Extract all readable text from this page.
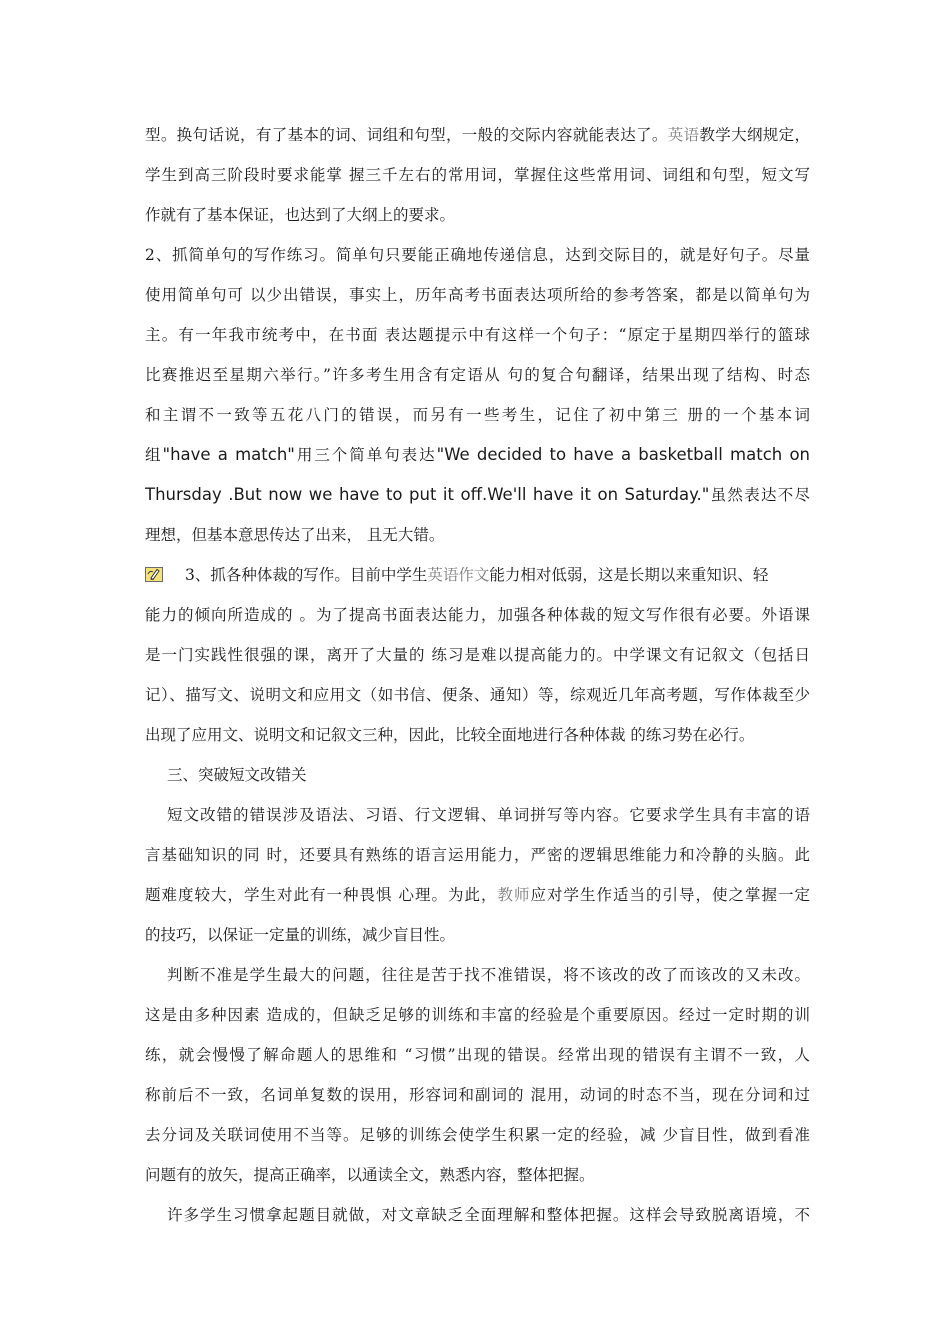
型。换句话说，有了基本的词、词组和句型，一般的交际内容就能表达了。英语教学大纲规定，
学生到高三阶段时要求能掌 握三千左右的常用词，掌握住这些常用词、词组和句型，短文写
作就有了基本保证，也达到了大纲上的要求。
2、抓简单句的写作练习。简单句只要能正确地传递信息，达到交际目的，就是好句子。尽量
使用简单句可 以少出错误，事实上，历年高考书面表达项所给的参考答案，都是以简单句为
主。有一年我市统考中，在书面 表达题提示中有这样一个句子：“原定于星期四举行的篮球
比赛推迟至星期六举行。”许多考生用含有定语从 句的复合句翻译，结果出现了结构、时态
和主谓不一致等五花八门的错误，而另有一些考生，记住了初中第三 册的一个基本词
组"have a match"用三个简单句表达"We decided to have a basketball match on
Thursday .But now we have to put it off.We'll have it on Saturday."虽然表达不尽
理想，但基本意思传达了出来， 且无大错。
3、抓各种体裁的写作。目前中学生英语作文能力相对低弱，这是长期以来重知识、轻
能力的倾向所造成的 。为了提高书面表达能力，加强各种体裁的短文写作很有必要。外语课
是一门实践性很强的课，离开了大量的 练习是难以提高能力的。中学课文有记叙文（包括日
记）、描写文、说明文和应用文（如书信、便条、通知）等，综观近几年高考题，写作体裁至少
出现了应用文、说明文和记叙文三种，因此，比较全面地进行各种体裁 的练习势在必行。
三、突破短文改错关
短文改错的错误涉及语法、习语、行文逻辑、单词拼写等内容。它要求学生具有丰富的语
言基础知识的同 时，还要具有熟练的语言运用能力，严密的逻辑思维能力和冷静的头脑。此
题难度较大，学生对此有一种畏惧 心理。为此，教师应对学生作适当的引导，使之掌握一定
的技巧，以保证一定量的训练，减少盲目性。
判断不准是学生最大的问题，往往是苦于找不准错误，将不该改的改了而该改的又未改。
这是由多种因素 造成的，但缺乏足够的训练和丰富的经验是个重要原因。经过一定时期的训
练，就会慢慢了解命题人的思维和 “习惯”出现的错误。经常出现的错误有主谓不一致，人
称前后不一致，名词单复数的误用，形容词和副词的 混用，动词的时态不当，现在分词和过
去分词及关联词使用不当等。足够的训练会使学生积累一定的经验，减 少盲目性，做到看准
问题有的放矢，提高正确率，以通读全文，熟悉内容，整体把握。
许多学生习惯拿起题目就做，对文章缺乏全面理解和整体把握。这样会导致脱离语境，不
